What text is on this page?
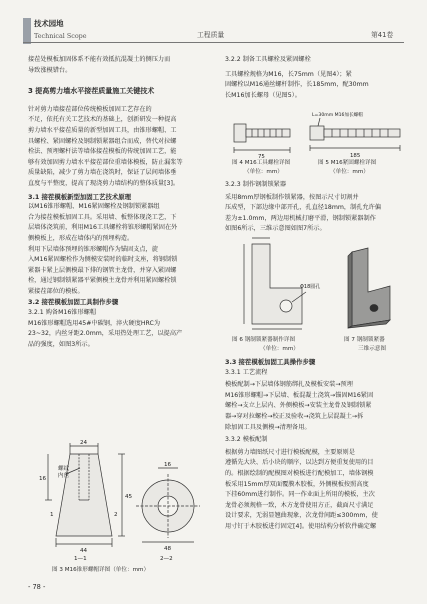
技术园地
Technical Scope	工程质量	第41卷
接茬处模板加固体系不能有效抵抗混凝土的侧压力而
导致涨模错台。
3 提高剪力墙水平接茬质量施工关键技术
针对剪力墙接茬部位传统模板加固工艺存在的
不足，依托有关工艺技术的基础上，创新研发一种提高
剪力墙水平接茬质量的新型加固工具，由锥形螺帽、工
具螺栓、紧固螺栓及钢制锁紧器组合而成，替代对拉螺
栓法、预埋螺杆法等墙体接茬模板的传统加固工艺，能
够有效加固剪力墙水平接茬部位重墙体模板，防止漏浆等
质量缺陷，减少了剪力墙在浇筑时，保证了层间墙体垂
直度与平整度，提高了现浇剪力墙结构的整体质量[3]。
3.1 接茬模板新型加固工艺技术原理
以M16锥形螺帽、M16紧固螺栓及钢制锁紧器组
合为接茬模板加固工具。采用墙、板整体现浇工艺，下
层墙体浇筑前，利用M16工具螺栓将锥形螺帽紧固在外
侧模板上，形成在墙体内的预埋构造。
利用下层墙体预埋的锥形螺帽作为锚固支点，旋
入M16紧固螺栓作为侧模安装时的临时支座，将钢制锁
紧器卡紧上层侧模最下排的钢管主龙骨，并穿入紧固螺
栓，通过钢制锁紧器平紧侧模主龙骨并利用紧固螺栓锁
紧接茬部位的模板。
3.2 接茬模板加固工具制作步骤
3.2.1 购备M16锥形螺帽
M16锥形螺帽选用45#中碳钢，淬火硬度HRC为
23~32，内丝牙距2.0mm，采用热处理工艺，以提高产
品的强度，如图3所示。
24
44
45
16
螺纹
内丝
1—1	2—2
1	2
48
16
图 3 M16锥形螺帽详图（单位：mm）
- 78 -
3.2.2 制备工具螺栓及紧固螺栓
工具螺栓规格为M16，长75mm（见图4）；紧
固螺栓以M16通丝螺杆制作，长185mm，配30mm
长M16加长螺母（见图5）。
75
L=30mm M16加长螺帽
185
图 4 M16工具螺栓详图
（单位：mm）
图 5 M16紧固螺栓详图
（单位：mm）
3.2.3 制作钢制锁紧器
采用8mm厚钢板制作锁紧器，按图示尺寸切割并
压成型，下部边缘中部开孔，孔直径18mm，制孔允许偏
差为±1.0mm，两边用机械打磨平滑，钢制锁紧器制作
如图6所示，三维示意图如图7所示。
Φ18圆孔
图 6 钢制锁紧器制作详图
（单位：mm）
图 7 钢制锁紧器
三维示意图
3.3 接茬模板加固工具操作步骤
3.3.1 工艺流程
模板配制→下层墙体钢筋绑扎及模板安装→预埋
M16锥形螺帽→下层墙、板混凝土浇筑→锚固M16紧固
螺栓→支立上层内、外侧模板→安装主龙骨及钢制锁紧
器→穿对拉螺栓→校正及验收→浇筑上层混凝土→拆
除加固工具及侧模→清理备用。
3.3.2 模板配制
根据剪力墙图纸尺寸进行模板配模，主要原则是
遵循先大块、后小块的顺序，以达到方便重复使用的目
的。根据绘制的配模图对模板进行配模加工，墙体钢模
板采用15mm厚双面覆膜木胶板，外侧模板按照高度
下挂60mm进行制作。同一作业面上所用的模板，主次
龙骨必须规格一致，木方龙骨使用方正，截面尺寸满足
设计要求，无弱显翘曲现象，次龙骨间距≤300mm，使
用寸钉于木胶板进行固定[4]。使用结构分析软件确定螺
